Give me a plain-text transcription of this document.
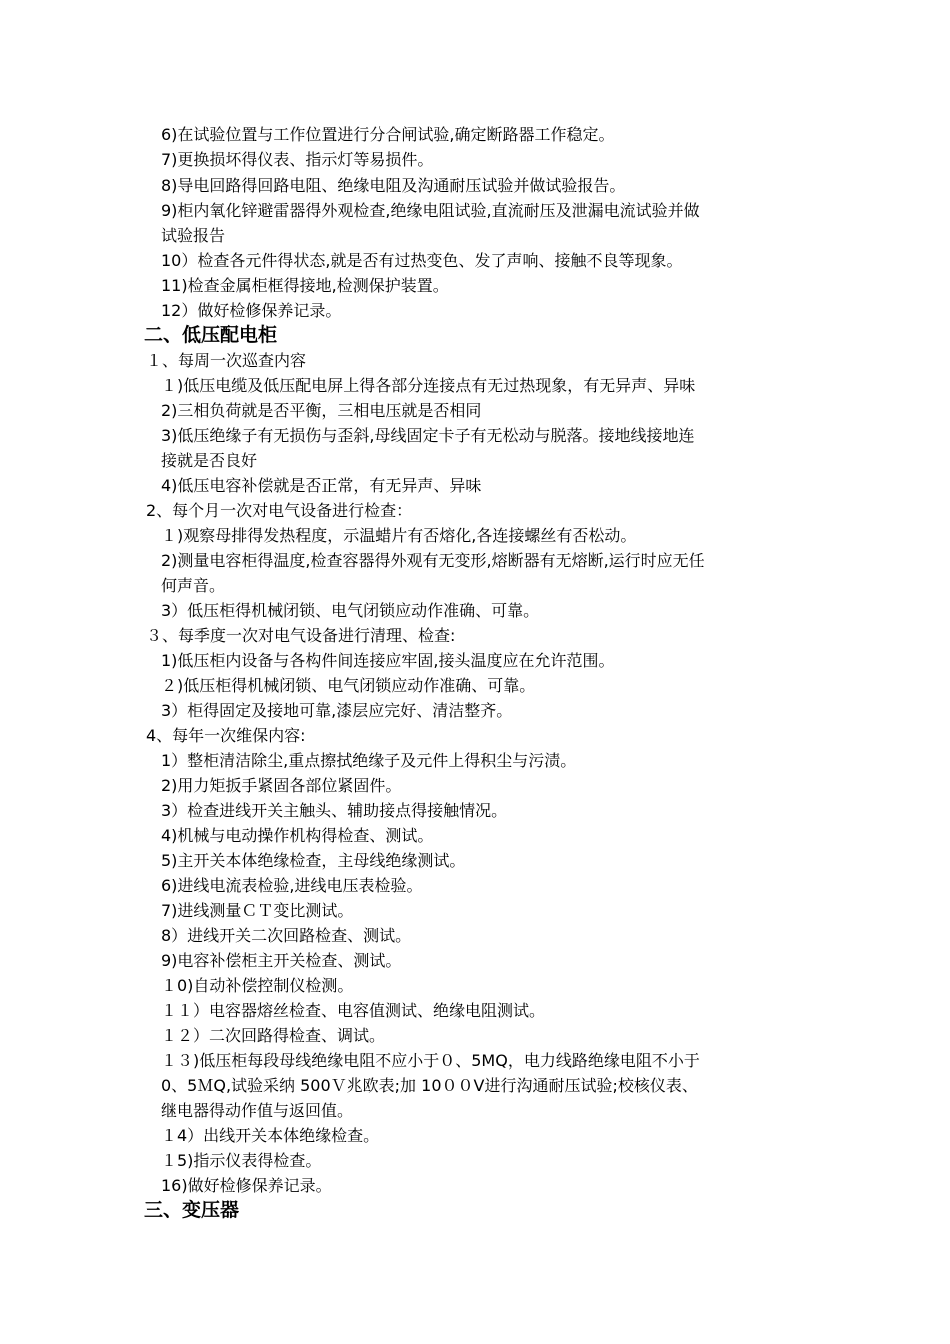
6)在试验位置与工作位置进行分合闸试验,确定断路器工作稳定。
7)更换损坏得仪表、指示灯等易损件。
8)导电回路得回路电阻、绝缘电阻及沟通耐压试验并做试验报告。
9)柜内氧化锌避雷器得外观检查,绝缘电阻试验,直流耐压及泄漏电流试验并做
试验报告
10）检查各元件得状态,就是否有过热变色、发了声响、接触不良等现象。
11)检查金属柜框得接地,检测保护装置。
12）做好检修保养记录。
二、低压配电柜
１、每周一次巡查内容
１)低压电缆及低压配电屏上得各部分连接点有无过热现象，有无异声、异味
2)三相负荷就是否平衡，三相电压就是否相同
3)低压绝缘子有无损伤与歪斜,母线固定卡子有无松动与脱落。接地线接地连
接就是否良好
4)低压电容补偿就是否正常，有无异声、异味
2、每个月一次对电气设备进行检查：
１)观察母排得发热程度，示温蜡片有否熔化,各连接螺丝有否松动。
2)测量电容柜得温度,检查容器得外观有无变形,熔断器有无熔断,运行时应无任
何声音。
3）低压柜得机械闭锁、电气闭锁应动作准确、可靠。
３、每季度一次对电气设备进行清理、检查:
1)低压柜内设备与各构件间连接应牢固,接头温度应在允许范围。
２)低压柜得机械闭锁、电气闭锁应动作准确、可靠。
3）柜得固定及接地可靠,漆层应完好、清洁整齐。
4、每年一次维保内容:
1）整柜清洁除尘,重点擦拭绝缘子及元件上得积尘与污渍。
2)用力矩扳手紧固各部位紧固件。
3）检查进线开关主触头、辅助接点得接触情况。
4)机械与电动操作机构得检查、测试。
5)主开关本体绝缘检查，主母线绝缘测试。
6)进线电流表检验,进线电压表检验。
7)进线测量ＣＴ变比测试。
8）进线开关二次回路检查、测试。
9)电容补偿柜主开关检查、测试。
１0)自动补偿控制仪检测。
１１）电容器熔丝检查、电容值测试、绝缘电阻测试。
１２）二次回路得检查、调试。
１３)低压柜每段母线绝缘电阻不应小于０、5MQ，电力线路绝缘电阻不小于
0、5ＭQ,试验采纳 500Ｖ兆欧表;加 10００V进行沟通耐压试验;校核仪表、
继电器得动作值与返回值。
１4）出线开关本体绝缘检查。
１5)指示仪表得检查。
16)做好检修保养记录。
三、变压器
